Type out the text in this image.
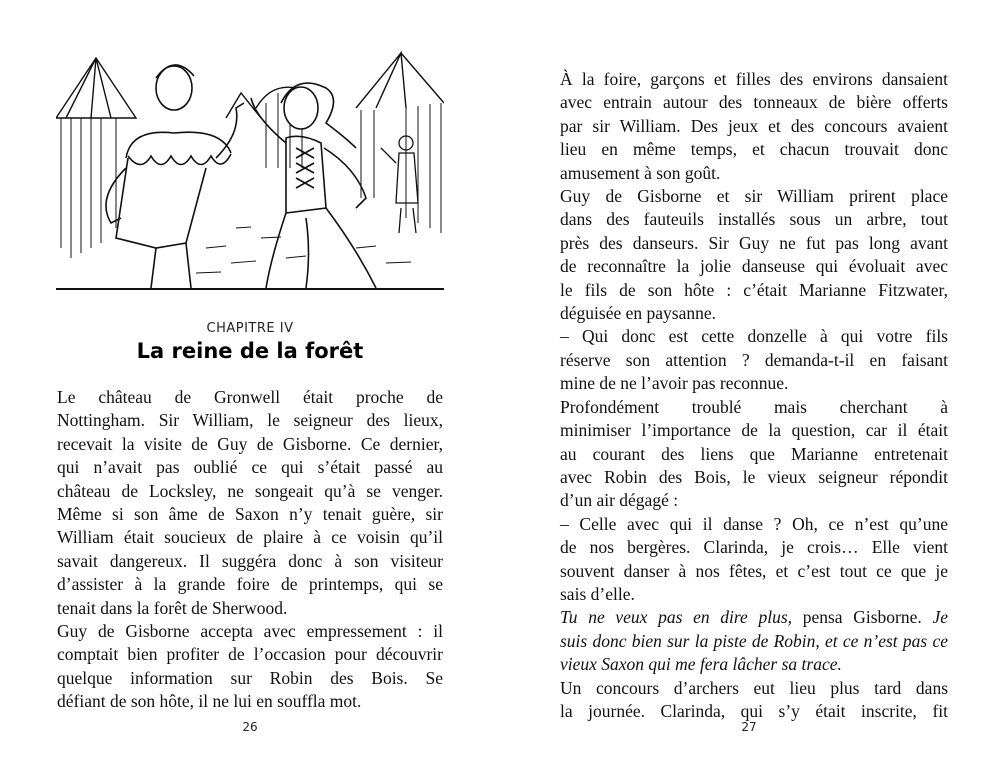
CHAPITRE IV
La reine de la forêt

Le château de Gronwell était proche de
Nottingham. Sir William, le seigneur des lieux,
recevait la visite de Guy de Gisborne. Ce dernier,
qui n’avait pas oublié ce qui s’était passé au
château de Locksley, ne songeait qu’à se venger.
Même si son âme de Saxon n’y tenait guère, sir
William était soucieux de plaire à ce voisin qu’il
savait dangereux. Il suggéra donc à son visiteur
d’assister à la grande foire de printemps, qui se
tenait dans la forêt de Sherwood.

Guy de Gisborne accepta avec empressement : il
comptait bien profiter de l’occasion pour découvrir
quelque information sur Robin des Bois. Se
défiant de son hôte, il ne lui en souffla mot.

26

À la foire, garçons et filles des environs dansaient
avec entrain autour des tonneaux de bière offerts
par sir William. Des jeux et des concours avaient
lieu en même temps, et chacun trouvait donc
amusement à son goût.

Guy de Gisborne et sir William prirent place
dans des fauteuils installés sous un arbre, tout
près des danseurs. Sir Guy ne fut pas long avant
de reconnaître la jolie danseuse qui évoluait avec
le fils de son hôte : c’était Marianne Fitzwater,
déguisée en paysanne.

– Qui donc est cette donzelle à qui votre fils
réserve son attention ? demanda-t-il en faisant
mine de ne l’avoir pas reconnue.

Profondément troublé mais cherchant à
minimiser l’importance de la question, car il était
au courant des liens que Marianne entretenait
avec Robin des Bois, le vieux seigneur répondit
d’un air dégagé :

– Celle avec qui il danse ? Oh, ce n’est qu’une
de nos bergères. Clarinda, je crois… Elle vient
souvent danser à nos fêtes, et c’est tout ce que je
sais d’elle.

Tu ne veux pas en dire plus, pensa Gisborne. Je
suis donc bien sur la piste de Robin, et ce n’est pas ce
vieux Saxon qui me fera lâcher sa trace.

Un concours d’archers eut lieu plus tard dans
la journée. Clarinda, qui s’y était inscrite, fit

27
